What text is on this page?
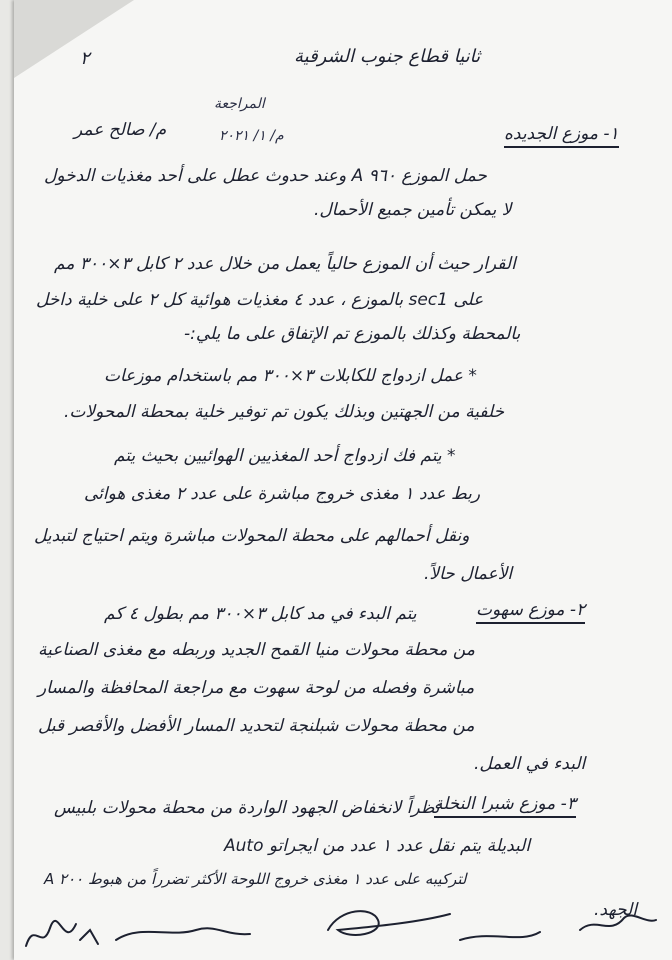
٢	ثانيا قطاع جنوب الشرقية
المراجعة
م/ ١/ ٢٠٢١
م/ صالح عمر	١- موزع الجديده
حمل الموزع ٩٦٠ A وعند حدوث عطل على أحد مغذيات الدخول
لا يمكن تأمين جميع الأحمال.
القرار حيث أن الموزع حالياً يعمل من خلال عدد ٢ كابل ٣×٣٠٠ مم
على sec1 بالموزع ، عدد ٤ مغذيات هوائية كل ٢ على خلية داخل
بالمحطة وكذلك بالموزع تم الإتفاق على ما يلي:-
* عمل ازدواج للكابلات ٣×٣٠٠ مم باستخدام موزعات
خلفية من الجهتين وبذلك يكون تم توفير خلية بمحطة المحولات.
* يتم فك ازدواج أحد المغذيين الهوائيين بحيث يتم
ربط عدد ١ مغذى خروج مباشرة على عدد ٢ مغذى هوائى
ونقل أحمالهم على محطة المحولات مباشرة ويتم احتياج لتبديل
الأعمال حالاً.
٢- موزع سهوت
يتم البدء في مد كابل ٣×٣٠٠ مم بطول ٤ كم
من محطة محولات منيا القمح الجديد وربطه مع مغذى الصناعية
مباشرة وفصله من لوحة سهوت مع مراجعة المحافظة والمسار
من محطة محولات شبلنجة لتحديد المسار الأفضل والأقصر قبل
البدء في العمل.
٣- موزع شبرا النخلة
نظراً لانخفاض الجهود الواردة من محطة محولات بلبيس
البديلة يتم نقل عدد ١ عدد من ايجراتو Auto
لتركيبه على عدد ١ مغذى خروج اللوحة الأكثر تضرراً من هبوط ٢٠٠ A
الجهد.
